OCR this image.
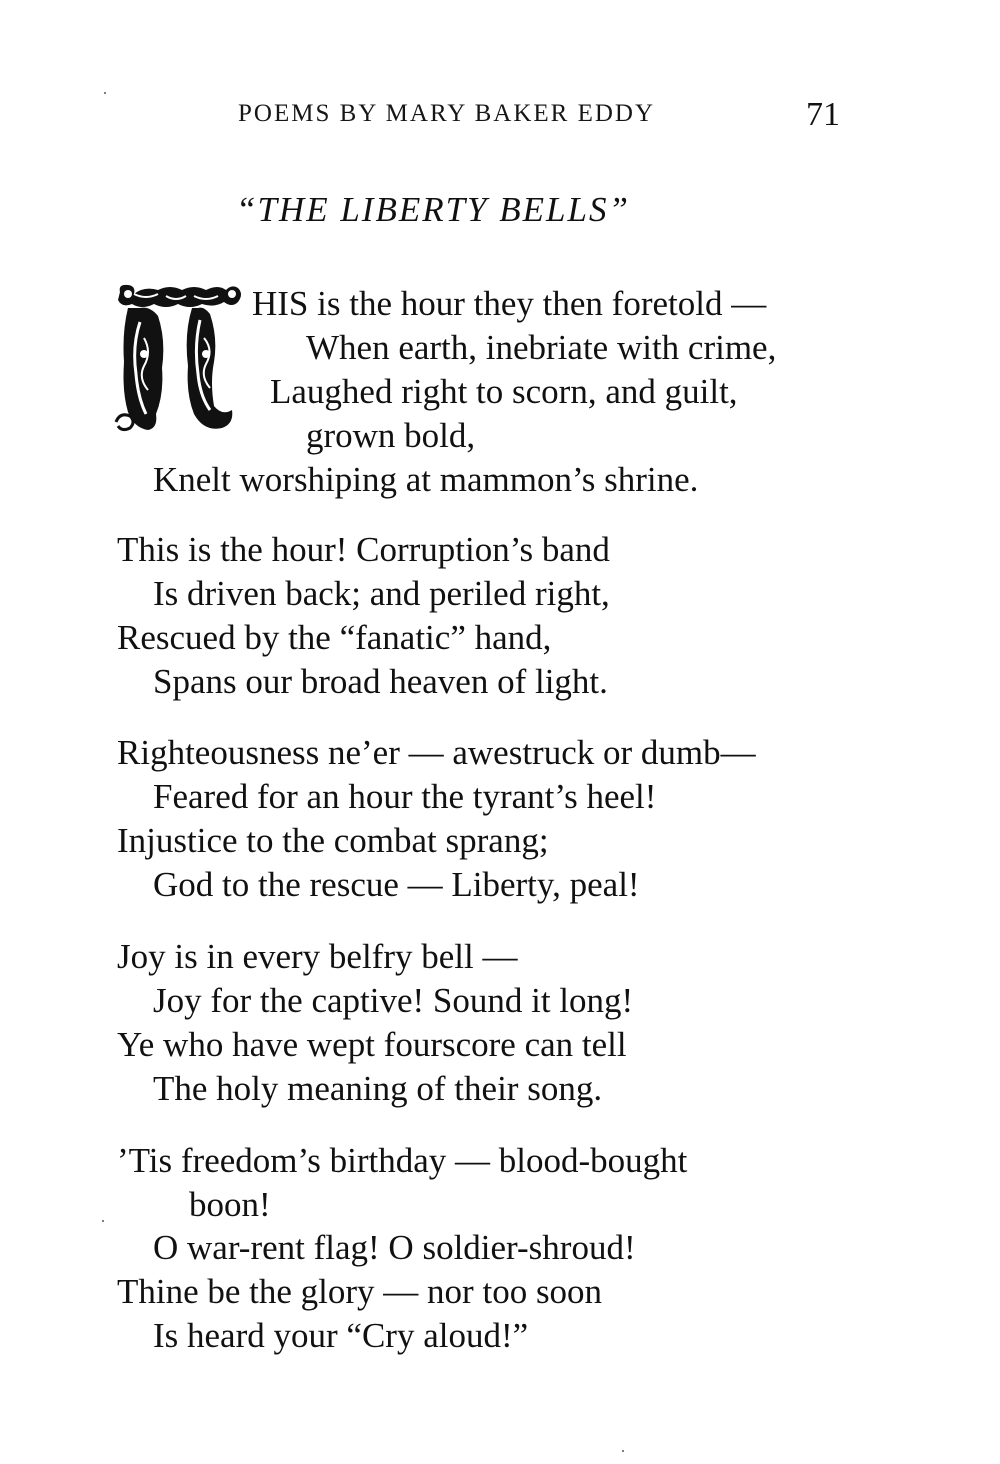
POEMS BY MARY BAKER EDDY	71
“THE LIBERTY BELLS”
HIS is the hour they then foretold —
When earth, inebriate with crime,
Laughed right to scorn, and guilt,
grown bold,
Knelt worshiping at mammon’s shrine.
This is the hour! Corruption’s band
Is driven back; and periled right,
Rescued by the “fanatic” hand,
Spans our broad heaven of light.
Righteousness ne’er — awestruck or dumb—
Feared for an hour the tyrant’s heel!
Injustice to the combat sprang;
God to the rescue — Liberty, peal!
Joy is in every belfry bell —
Joy for the captive! Sound it long!
Ye who have wept fourscore can tell
The holy meaning of their song.
’Tis freedom’s birthday — blood-bought
boon!
O war-rent flag! O soldier-shroud!
Thine be the glory — nor too soon
Is heard your “Cry aloud!”
